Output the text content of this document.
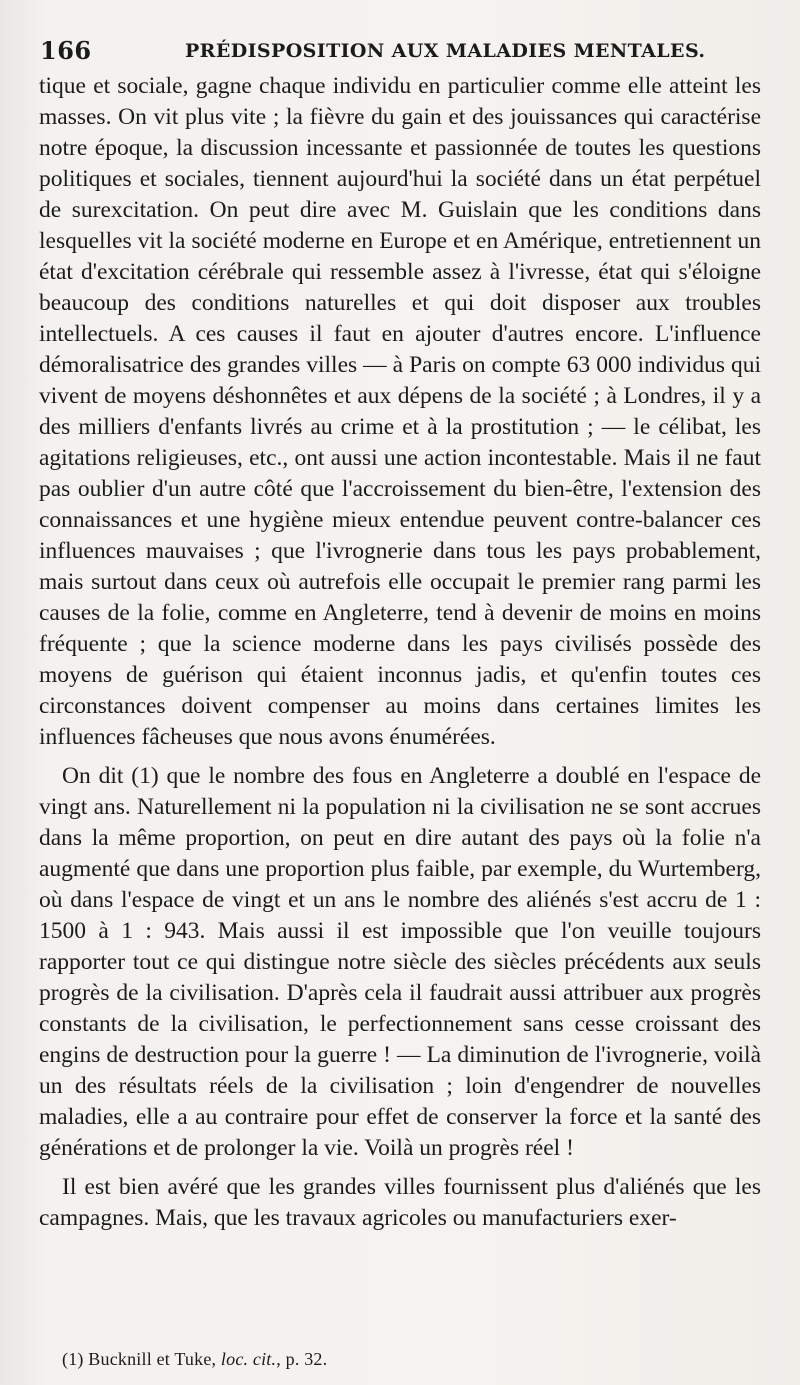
166	PRÉDISPOSITION AUX MALADIES MENTALES.

tique et sociale, gagne chaque individu en particulier comme elle atteint les masses. On vit plus vite ; la fièvre du gain et des jouissances qui caractérise notre époque, la discussion incessante et passionnée de toutes les questions politiques et sociales, tiennent aujourd'hui la société dans un état perpétuel de surexcitation. On peut dire avec M. Guislain que les conditions dans lesquelles vit la société moderne en Europe et en Amérique, entretiennent un état d'excitation cérébrale qui ressemble assez à l'ivresse, état qui s'éloigne beaucoup des conditions naturelles et qui doit disposer aux troubles intellectuels. A ces causes il faut en ajouter d'autres encore. L'influence démoralisatrice des grandes villes — à Paris on compte 63 000 individus qui vivent de moyens déshonnêtes et aux dépens de la société ; à Londres, il y a des milliers d'enfants livrés au crime et à la prostitution ; — le célibat, les agitations religieuses, etc., ont aussi une action incontestable. Mais il ne faut pas oublier d'un autre côté que l'accroissement du bien-être, l'extension des connaissances et une hygiène mieux entendue peuvent contre-balancer ces influences mauvaises ; que l'ivrognerie dans tous les pays probablement, mais surtout dans ceux où autrefois elle occupait le premier rang parmi les causes de la folie, comme en Angleterre, tend à devenir de moins en moins fréquente ; que la science moderne dans les pays civilisés possède des moyens de guérison qui étaient inconnus jadis, et qu'enfin toutes ces circonstances doivent compenser au moins dans certaines limites les influences fâcheuses que nous avons énumérées.

On dit (1) que le nombre des fous en Angleterre a doublé en l'espace de vingt ans. Naturellement ni la population ni la civilisation ne se sont accrues dans la même proportion, on peut en dire autant des pays où la folie n'a augmenté que dans une proportion plus faible, par exemple, du Wurtemberg, où dans l'espace de vingt et un ans le nombre des aliénés s'est accru de 1 : 1500 à 1 : 943. Mais aussi il est impossible que l'on veuille toujours rapporter tout ce qui distingue notre siècle des siècles précédents aux seuls progrès de la civilisation. D'après cela il faudrait aussi attribuer aux progrès constants de la civilisation, le perfectionnement sans cesse croissant des engins de destruction pour la guerre ! — La diminution de l'ivrognerie, voilà un des résultats réels de la civilisation ; loin d'engendrer de nouvelles maladies, elle a au contraire pour effet de conserver la force et la santé des générations et de prolonger la vie. Voilà un progrès réel !

Il est bien avéré que les grandes villes fournissent plus d'aliénés que les campagnes. Mais, que les travaux agricoles ou manufacturiers exer-

(1) Bucknill et Tuke, loc. cit., p. 32.
